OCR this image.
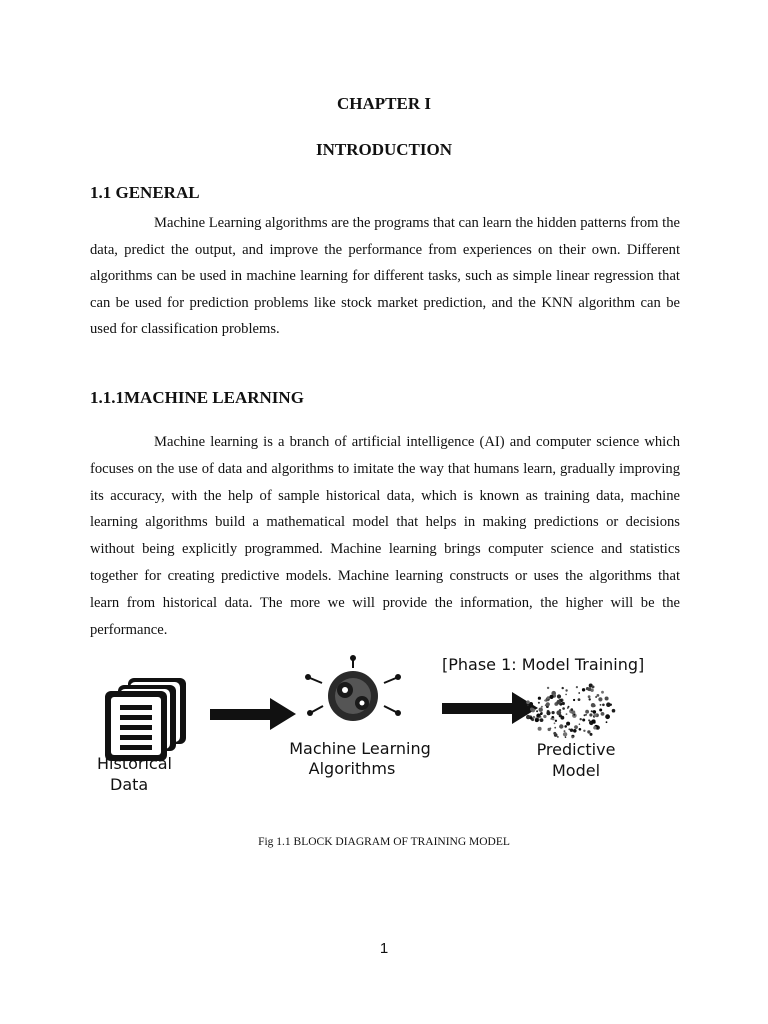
CHAPTER I
INTRODUCTION
1.1 GENERAL

Machine Learning algorithms are the programs that can learn the hidden patterns from the data, predict the output, and improve the performance from experiences on their own. Different algorithms can be used in machine learning for different tasks, such as simple linear regression that can be used for prediction problems like stock market prediction, and the KNN algorithm can be used for classification problems.

1.1.1MACHINE LEARNING

Machine learning is a branch of artificial intelligence (AI) and computer science which focuses on the use of data and algorithms to imitate the way that humans learn, gradually improving its accuracy, with the help of sample historical data, which is known as training data, machine learning algorithms build a mathematical model that helps in making predictions or decisions without being explicitly programmed. Machine learning brings computer science and statistics together for creating predictive models. Machine learning constructs or uses the algorithms that learn from historical data. The more we will provide the information, the higher will be the performance.

[Phase 1: Model Training]
Historical
Data
Machine Learning
Algorithms
Predictive
Model
Fig 1.1 BLOCK DIAGRAM OF TRAINING MODEL
1
